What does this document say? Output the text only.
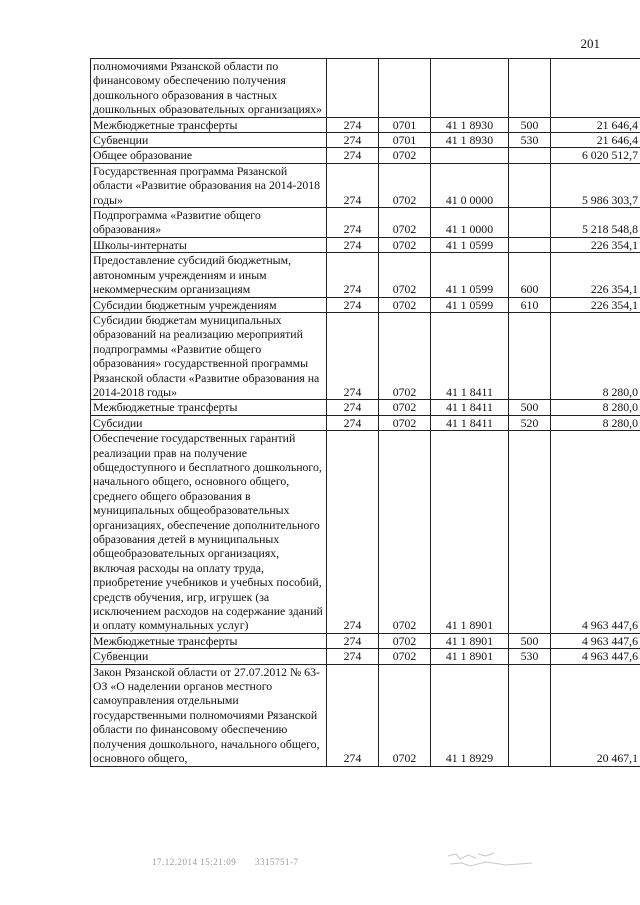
201
полномочиями Рязанской области по финансовому обеспечению получения дошкольного образования в частных дошкольных образовательных организациях»					
Межбюджетные трансферты	274	0701	41 1 8930	500	21 646,4
Субвенции	274	0701	41 1 8930	530	21 646,4
Общее образование	274	0702			6 020 512,7
Государственная программа Рязанской области «Развитие образования на 2014-2018 годы»	274	0702	41 0 0000		5 986 303,7
Подпрограмма «Развитие общего образования»	274	0702	41 1 0000		5 218 548,8
Школы-интернаты	274	0702	41 1 0599		226 354,1
Предоставление субсидий бюджетным, автономным учреждениям и иным некоммерческим организациям	274	0702	41 1 0599	600	226 354,1
Субсидии бюджетным учреждениям	274	0702	41 1 0599	610	226 354,1
Субсидии бюджетам муниципальных образований на реализацию мероприятий подпрограммы «Развитие общего образования» государственной программы Рязанской области «Развитие образования на 2014-2018 годы»	274	0702	41 1 8411		8 280,0
Межбюджетные трансферты	274	0702	41 1 8411	500	8 280,0
Субсидии	274	0702	41 1 8411	520	8 280,0
Обеспечение государственных гарантий реализации прав на получение общедоступного и бесплатного дошкольного, начального общего, основного общего, среднего общего образования в муниципальных общеобразовательных организациях, обеспечение дополнительного образования детей в муниципальных общеобразовательных организациях, включая расходы на оплату труда, приобретение учебников и учебных пособий, средств обучения, игр, игрушек (за исключением расходов на содержание зданий и оплату коммунальных услуг)	274	0702	41 1 8901		4 963 447,6
Межбюджетные трансферты	274	0702	41 1 8901	500	4 963 447,6
Субвенции	274	0702	41 1 8901	530	4 963 447,6
Закон Рязанской области от 27.07.2012 № 63-ОЗ «О наделении органов местного самоуправления отдельными государственными полномочиями Рязанской области по финансовому обеспечению получения дошкольного, начального общего, основного общего,	274	0702	41 1 8929		20 467,1
17.12.2014 15:21:09 3315751-7
